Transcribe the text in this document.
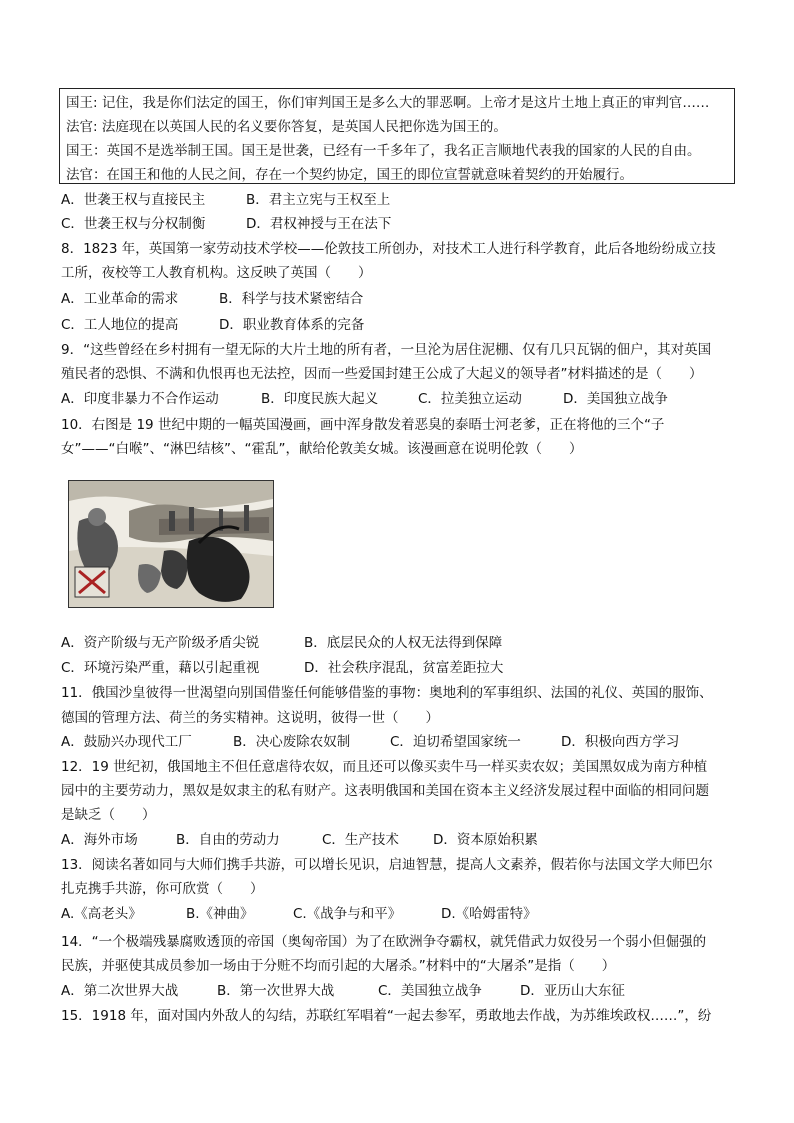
国王: 记住，我是你们法定的国王，你们审判国王是多么大的罪恶啊。上帝才是这片土地上真正的审判官……
法官: 法庭现在以英国人民的名义要你答复，是英国人民把你选为国王的。
国王：英国不是选举制王国。国王是世袭，已经有一千多年了，我名正言顺地代表我的国家的人民的自由。
法官：在国王和他的人民之间，存在一个契约协定，国王的即位宣誓就意味着契约的开始履行。
A．世袭王权与直接民主	B．君主立宪与王权至上
C．世袭王权与分权制衡	D．君权神授与王在法下
8．1823 年，英国第一家劳动技术学校——伦敦技工所创办，对技术工人进行科学教育，此后各地纷纷成立技
工所，夜校等工人教育机构。这反映了英国（　　）
A．工业革命的需求	B．科学与技术紧密结合
C．工人地位的提高	D．职业教育体系的完备
9．“这些曾经在乡村拥有一望无际的大片土地的所有者，一旦沦为居住泥棚、仅有几只瓦锅的佃户，其对英国
殖民者的恐惧、不满和仇恨再也无法控，因而一些爱国封建王公成了大起义的领导者”材料描述的是（　　）
A．印度非暴力不合作运动	B．印度民族大起义	C．拉美独立运动	D．美国独立战争
10．右图是 19 世纪中期的一幅英国漫画，画中浑身散发着恶臭的泰晤士河老爹，正在将他的三个“子
女”——“白喉”、“淋巴结核”、“霍乱”，献给伦敦美女城。该漫画意在说明伦敦（　　）
A．资产阶级与无产阶级矛盾尖锐	B．底层民众的人权无法得到保障
C．环境污染严重，藉以引起重视	D．社会秩序混乱，贫富差距拉大
11．俄国沙皇彼得一世渴望向别国借鉴任何能够借鉴的事物：奥地利的军事组织、法国的礼仪、英国的服饰、
德国的管理方法、荷兰的务实精神。这说明，彼得一世（　　）
A．鼓励兴办现代工厂	B．决心废除农奴制	C．迫切希望国家统一	D．积极向西方学习
12．19 世纪初，俄国地主不但任意虐待农奴，而且还可以像买卖牛马一样买卖农奴；美国黑奴成为南方种植
园中的主要劳动力，黑奴是奴隶主的私有财产。这表明俄国和美国在资本主义经济发展过程中面临的相同问题
是缺乏（　　）
A．海外市场	B．自由的劳动力	C．生产技术	D．资本原始积累
13．阅读名著如同与大师们携手共游，可以增长见识，启迪智慧，提高人文素养，假若你与法国文学大师巴尔
扎克携手共游，你可欣赏（　　）
A.《高老头》	B.《神曲》	C.《战争与和平》	D.《哈姆雷特》
14．“一个极端残暴腐败透顶的帝国（奥匈帝国）为了在欧洲争夺霸权，就凭借武力奴役另一个弱小但倔强的
民族，并驱使其成员参加一场由于分赃不均而引起的大屠杀。”材料中的“大屠杀”是指（　　）
A．第二次世界大战	B．第一次世界大战	C．美国独立战争	D．亚历山大东征
15．1918 年，面对国内外敌人的勾结，苏联红军唱着“一起去参军，勇敢地去作战，为苏维埃政权……”，纷
